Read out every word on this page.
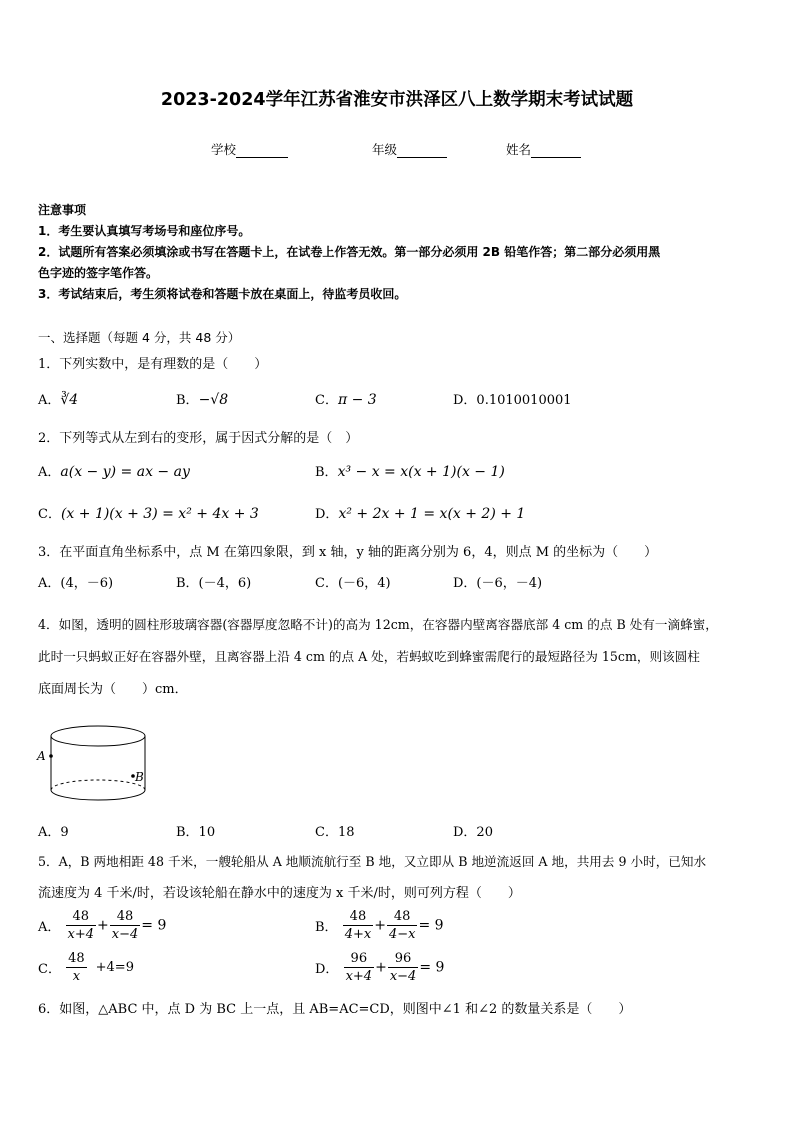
2023-2024学年江苏省淮安市洪泽区八上数学期末考试试题
学校	年级	姓名
注意事项
1．考生要认真填写考场号和座位序号。
2．试题所有答案必须填涂或书写在答题卡上，在试卷上作答无效。第一部分必须用 2B 铅笔作答；第二部分必须用黑
色字迹的签字笔作答。
3．考试结束后，考生须将试卷和答题卡放在桌面上，待监考员收回。
一、选择题（每题 4 分，共 48 分）
1．下列实数中，是有理数的是（　　）
A．∛4	B．−√8	C．π − 3	D．0.1010010001
2．下列等式从左到右的变形，属于因式分解的是（　）
A．a(x − y) = ax − ay	B．x³ − x = x(x + 1)(x − 1)
C．(x + 1)(x + 3) = x² + 4x + 3	D．x² + 2x + 1 = x(x + 2) + 1
3．在平面直角坐标系中，点 M 在第四象限，到 x 轴，y 轴的距离分别为 6，4，则点 M 的坐标为（　　）
A．(4，－6)	B．(－4，6)	C．(－6，4)	D．(－6，－4)
4．如图，透明的圆柱形玻璃容器(容器厚度忽略不计)的高为 12cm，在容器内壁离容器底部 4 cm 的点 B 处有一滴蜂蜜，
此时一只蚂蚁正好在容器外壁，且离容器上沿 4 cm 的点 A 处，若蚂蚁吃到蜂蜜需爬行的最短路径为 15cm，则该圆柱
底面周长为（　　）cm．
A
B
A．9	B．10	C．18	D．20
5．A，B 两地相距 48 千米，一艘轮船从 A 地顺流航行至 B 地，又立即从 B 地逆流返回 A 地，共用去 9 小时，已知水
流速度为 4 千米/时，若设该轮船在静水中的速度为 x 千米/时，则可列方程（　　）
A． $\frac{48}{x+4} + \frac{48}{x-4} = 9$	B． $\frac{48}{4+x} + \frac{48}{4-x} = 9$
C． $\frac{48}{x} +4=9$	D． $\frac{96}{x+4} + \frac{96}{x-4} = 9$
6．如图，△ABC 中，点 D 为 BC 上一点，且 AB=AC=CD，则图中∠1 和∠2 的数量关系是（　　）
